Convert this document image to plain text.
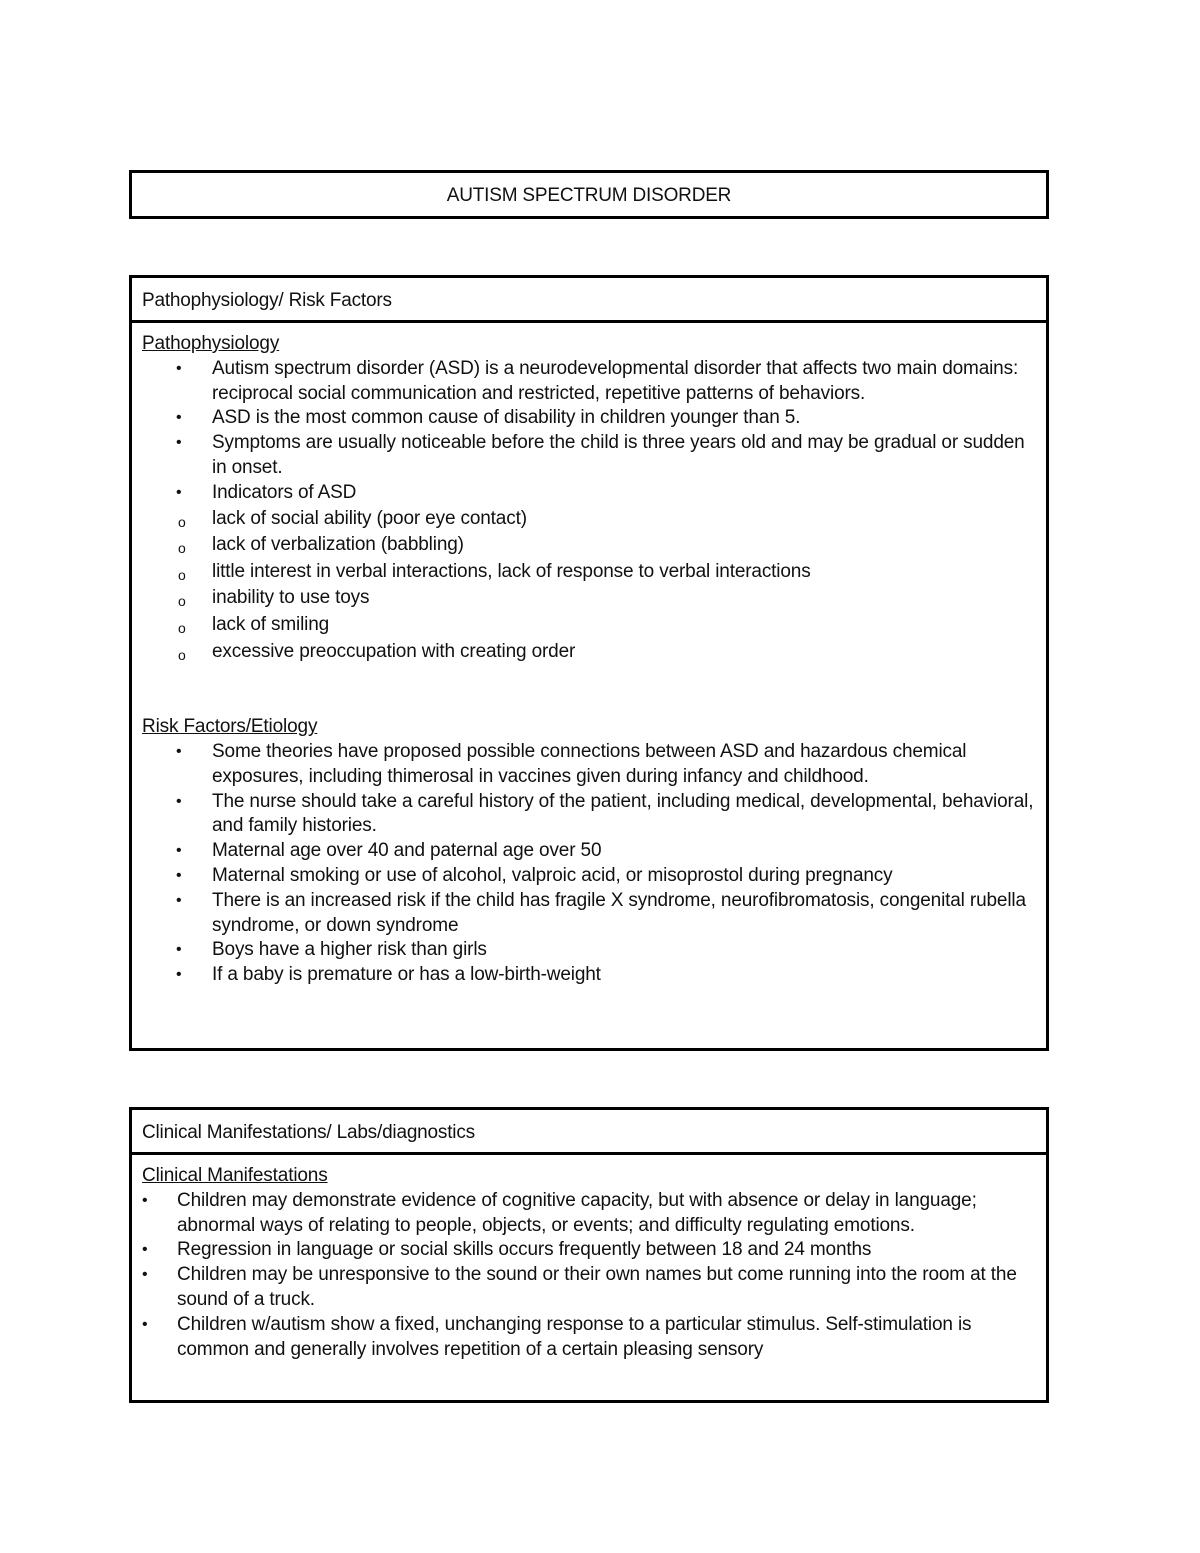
AUTISM SPECTRUM DISORDER
Pathophysiology/ Risk Factors
Pathophysiology
• Autism spectrum disorder (ASD) is a neurodevelopmental disorder that affects two main domains: reciprocal social communication and restricted, repetitive patterns of behaviors.
• ASD is the most common cause of disability in children younger than 5.
• Symptoms are usually noticeable before the child is three years old and may be gradual or sudden in onset.
• Indicators of ASD
o lack of social ability (poor eye contact)
o lack of verbalization (babbling)
o little interest in verbal interactions, lack of response to verbal interactions
o inability to use toys
o lack of smiling
o excessive preoccupation with creating order
Risk Factors/Etiology
• Some theories have proposed possible connections between ASD and hazardous chemical exposures, including thimerosal in vaccines given during infancy and childhood.
• The nurse should take a careful history of the patient, including medical, developmental, behavioral, and family histories.
• Maternal age over 40 and paternal age over 50
• Maternal smoking or use of alcohol, valproic acid, or misoprostol during pregnancy
• There is an increased risk if the child has fragile X syndrome, neurofibromatosis, congenital rubella syndrome, or down syndrome
• Boys have a higher risk than girls
• If a baby is premature or has a low-birth-weight
Clinical Manifestations/ Labs/diagnostics
Clinical Manifestations
• Children may demonstrate evidence of cognitive capacity, but with absence or delay in language; abnormal ways of relating to people, objects, or events; and difficulty regulating emotions.
• Regression in language or social skills occurs frequently between 18 and 24 months
• Children may be unresponsive to the sound or their own names but come running into the room at the sound of a truck.
• Children w/autism show a fixed, unchanging response to a particular stimulus. Self-stimulation is common and generally involves repetition of a certain pleasing sensory
